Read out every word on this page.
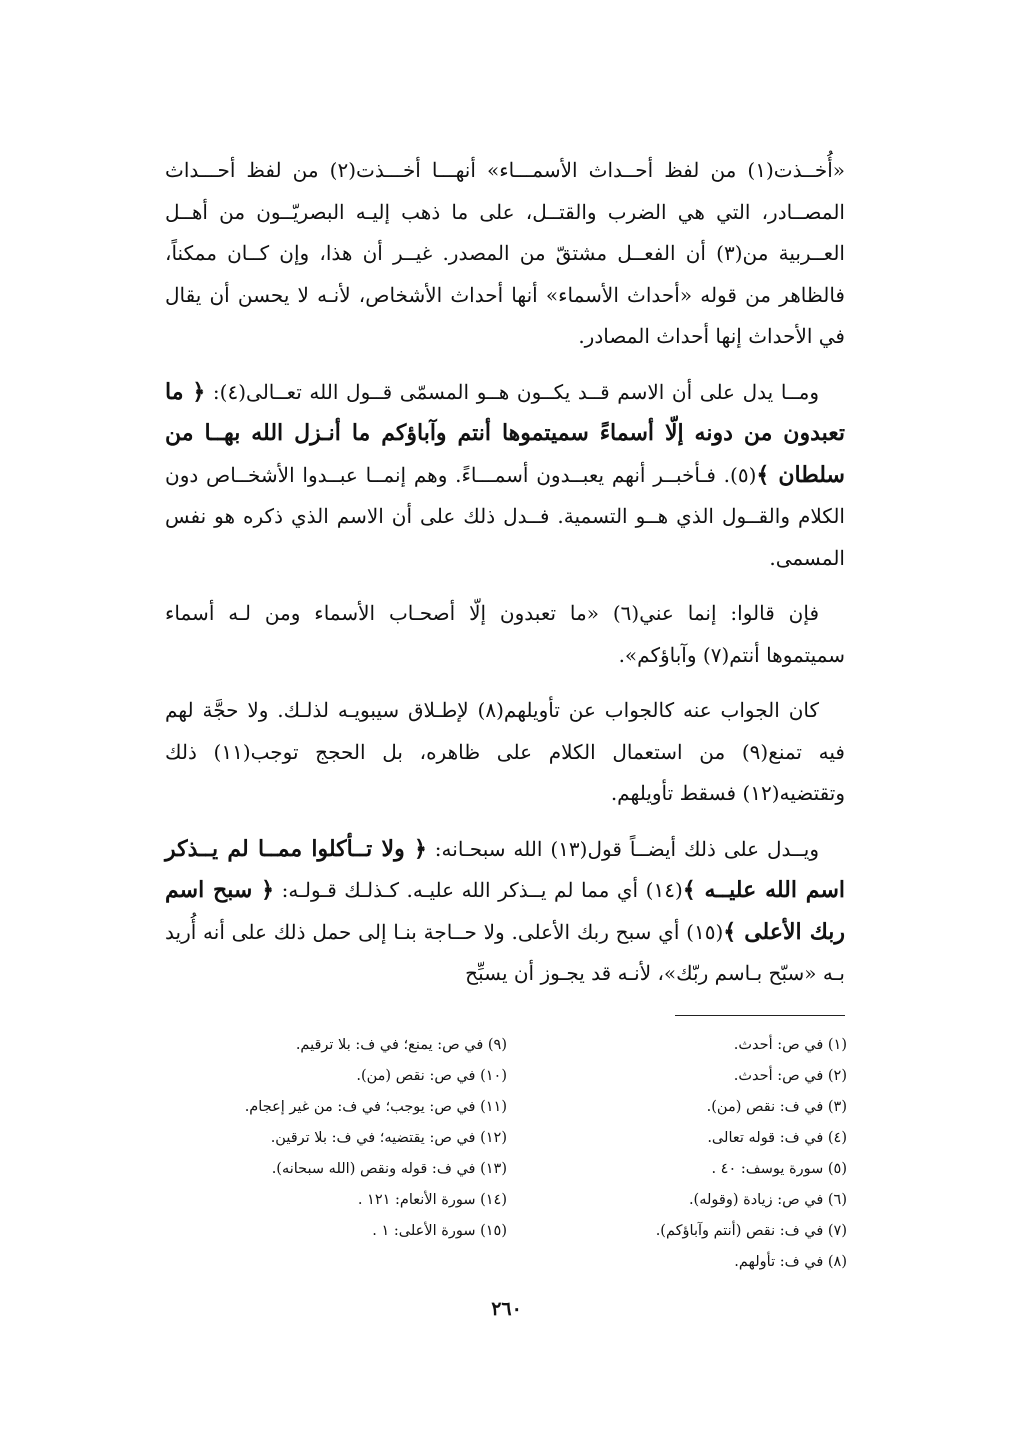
«أُخــذت(١) من لفظ أحــداث الأسمـــاء» أنهـــا أخـــذت(٢) من لفظ أحـــداث المصــادر، التي هي الضرب والقتــل، على ما ذهب إليـه البصريّــون من أهــل العــربية من(٣) أن الفعــل مشتقّ من المصدر. غيــر أن هذا، وإن كــان ممكناً، فالظاهر من قوله «أحداث الأسماء» أنها أحداث الأشخاص، لأنـه لا يحسن أن يقال في الأحداث إنها أحداث المصادر.

ومــا يدل على أن الاسم قــد يكــون هــو المسمّى قــول الله تعــالى(٤): ﴿ ما تعبدون من دونه إلّا أسماءً سميتموها أنتم وآباؤكم ما أنـزل الله بهــا من سلطان ﴾(٥). فـأخبــر أنهم يعبــدون أسمـــاءً. وهم إنمــا عبــدوا الأشخــاص دون الكلام والقــول الذي هــو التسمية. فــدل ذلك على أن الاسم الذي ذكره هو نفس المسمى.

فإن قالوا: إنما عني(٦) «ما تعبدون إلّا أصحـاب الأسماء ومن لـه أسماء سميتموها أنتم(٧) وآباؤكم».

كان الجواب عنه كالجواب عن تأويلهم(٨) لإطـلاق سيبويـه لذلـك. ولا حجَّة لهم فيه تمنع(٩) من استعمال الكلام على ظاهره، بل الحجج توجب(١١) ذلك وتقتضيه(١٢) فسقط تأويلهم.

ويــدل على ذلك أيضــاً قول(١٣) الله سبحـانه: ﴿ ولا تــأكلوا ممــا لم يــذكر اسم الله عليــه ﴾(١٤) أي مما لم يــذكر الله عليـه. كـذلـك قـولـه: ﴿ سبح اسم ربك الأعلى ﴾(١٥) أي سبح ربك الأعلى. ولا حــاجة بنـا إلى حمل ذلك على أنه أُريد بـه «سبّح بـاسم ربّك»، لأنـه قد يجـوز أن يسبِّح

(١) في ص: أحدث.
(٢) في ص: أحدث.
(٣) في ف: نقص (من).
(٤) في ف: قوله تعالى.
(٥) سورة يوسف: ٤٠ .
(٦) في ص: زيادة (وقوله).
(٧) في ف: نقص (أنتم وآباؤكم).
(٨) في ف: تأولهم.
(٩) في ص: يمنع؛ في ف: بلا ترقيم.
(١٠) في ص: نقص (من).
(١١) في ص: يوجب؛ في ف: من غير إعجام.
(١٢) في ص: يقتضيه؛ في ف: بلا ترقين.
(١٣) في ف: قوله ونقص (الله سبحانه).
(١٤) سورة الأنعام: ١٢١ .
(١٥) سورة الأعلى: ١ .
٢٦٠
